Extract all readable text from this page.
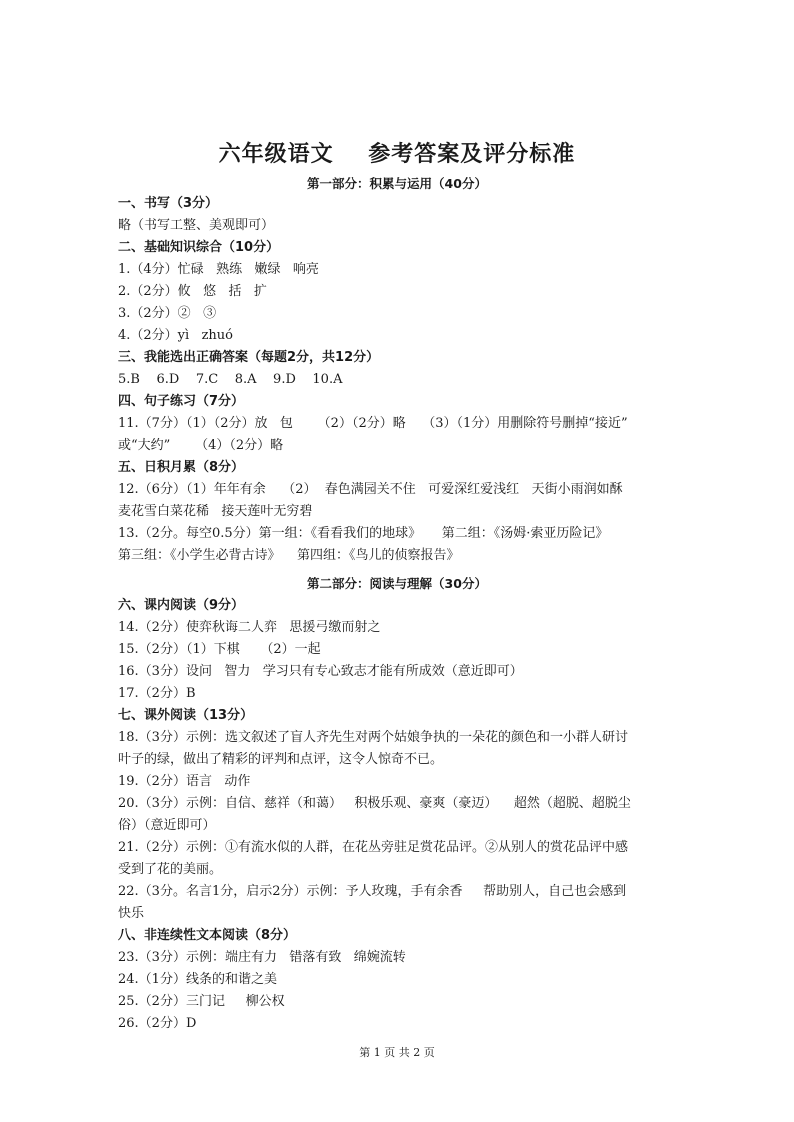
六年级语文    参考答案及评分标准
第一部分：积累与运用（40分）
一、书写（3分）
略（书写工整、美观即可）
二、基础知识综合（10分）
1.（4分）忙碌   熟练   嫩绿   响亮
2.（2分）攸   悠   括   扩
3.（2分）②   ③
4.（2分）yì   zhuó
三、我能选出正确答案（每题2分，共12分）
5.B    6.D    7.C    8.A    9.D    10.A
四、句子练习（7分）
11.（7分）（1）（2分）放   包      （2）（2分）略    （3）（1分）用删除符号删掉“接近”
或“大约”      （4）（2分）略
五、日积月累（8分）
12.（6分）（1）年年有余    （2）  春色满园关不住   可爱深红爱浅红   天街小雨润如酥
麦花雪白菜花稀   接天莲叶无穷碧
13.（2分。每空0.5分）第一组：《看看我们的地球》     第二组：《汤姆·索亚历险记》
第三组：《小学生必背古诗》    第四组：《鸟儿的侦察报告》
第二部分：阅读与理解（30分）
六、课内阅读（9分）
14.（2分）使弈秋诲二人弈   思援弓缴而射之
15.（2分）（1）下棋     （2）一起
16.（3分）设问   智力   学习只有专心致志才能有所成效（意近即可）
17.（2分）B
七、课外阅读（13分）
18.（3分）示例：选文叙述了盲人齐先生对两个姑娘争执的一朵花的颜色和一小群人研讨
叶子的绿，做出了精彩的评判和点评，这令人惊奇不已。
19.（2分）语言   动作
20.（3分）示例：自信、慈祥（和蔼）   积极乐观、豪爽（豪迈）    超然（超脱、超脱尘
俗）（意近即可）
21.（2分）示例：①有流水似的人群，在花丛旁驻足赏花品评。②从别人的赏花品评中感
受到了花的美丽。
22.（3分。名言1分，启示2分）示例：予人玫瑰，手有余香     帮助别人，自己也会感到
快乐
八、非连续性文本阅读（8分）
23.（3分）示例：端庄有力   错落有致   绵婉流转
24.（1分）线条的和谐之美
25.（2分）三门记     柳公权
26.（2分）D
第 1 页 共 2 页
